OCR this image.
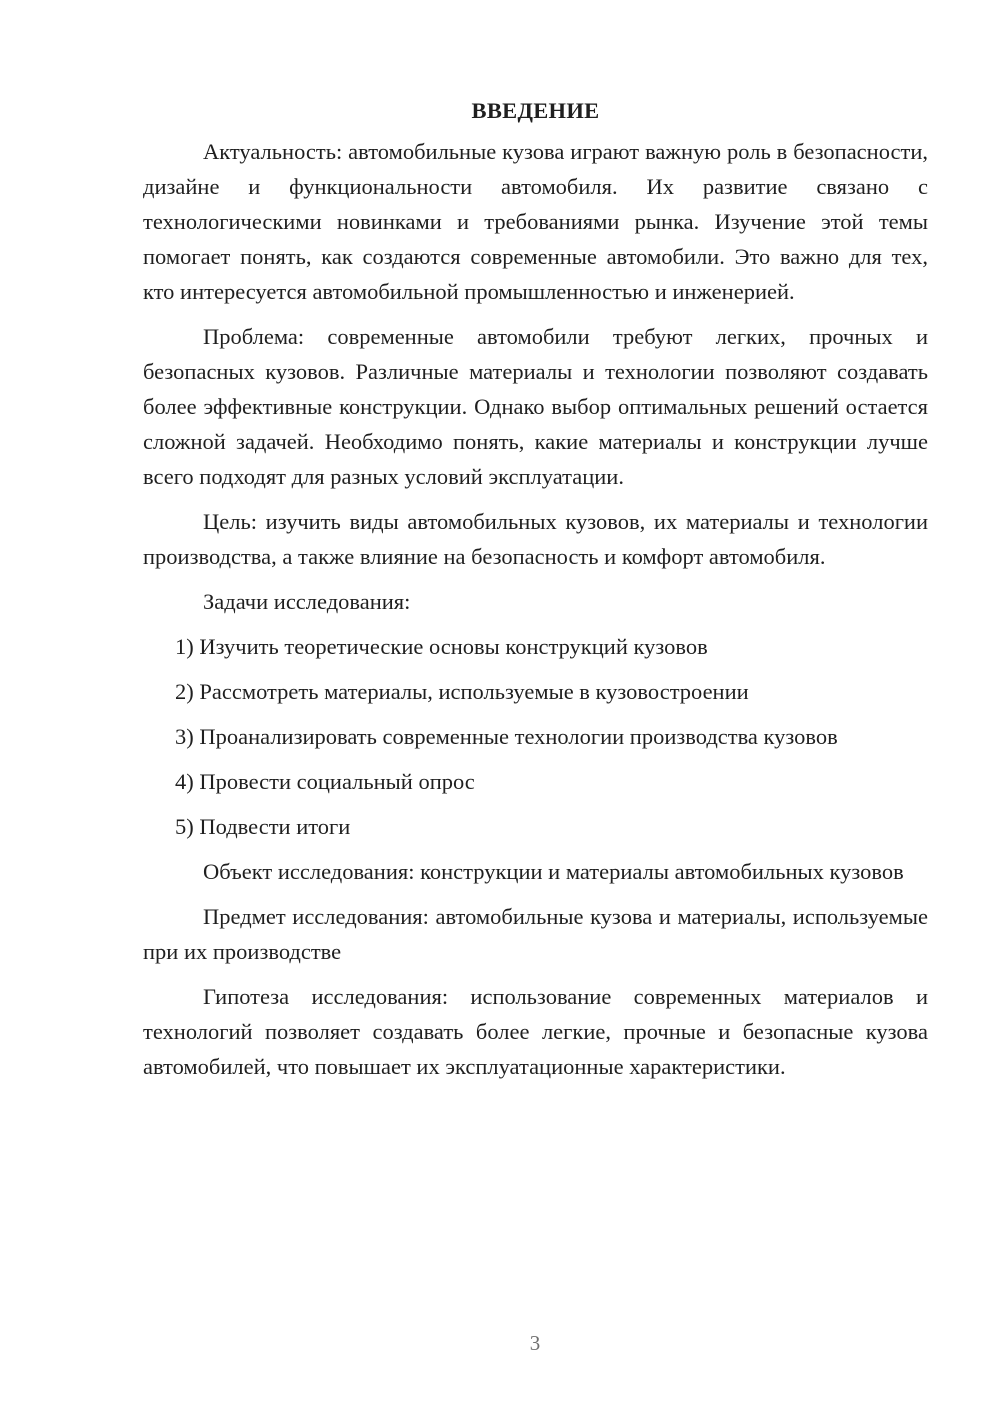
ВВЕДЕНИЕ

Актуальность: автомобильные кузова играют важную роль в безопасности, дизайне и функциональности автомобиля. Их развитие связано с технологическими новинками и требованиями рынка. Изучение этой темы помогает понять, как создаются современные автомобили. Это важно для тех, кто интересуется автомобильной промышленностью и инженерией.

Проблема: современные автомобили требуют легких, прочных и безопасных кузовов. Различные материалы и технологии позволяют создавать более эффективные конструкции. Однако выбор оптимальных решений остается сложной задачей. Необходимо понять, какие материалы и конструкции лучше всего подходят для разных условий эксплуатации.

Цель: изучить виды автомобильных кузовов, их материалы и технологии производства, а также влияние на безопасность и комфорт автомобиля.

Задачи исследования:
1) Изучить теоретические основы конструкций кузовов
2) Рассмотреть материалы, используемые в кузовостроении
3) Проанализировать современные технологии производства кузовов
4) Провести социальный опрос
5) Подвести итоги

Объект исследования: конструкции и материалы автомобильных кузовов

Предмет исследования: автомобильные кузова и материалы, используемые при их производстве

Гипотеза исследования: использование современных материалов и технологий позволяет создавать более легкие, прочные и безопасные кузова автомобилей, что повышает их эксплуатационные характеристики.

3
